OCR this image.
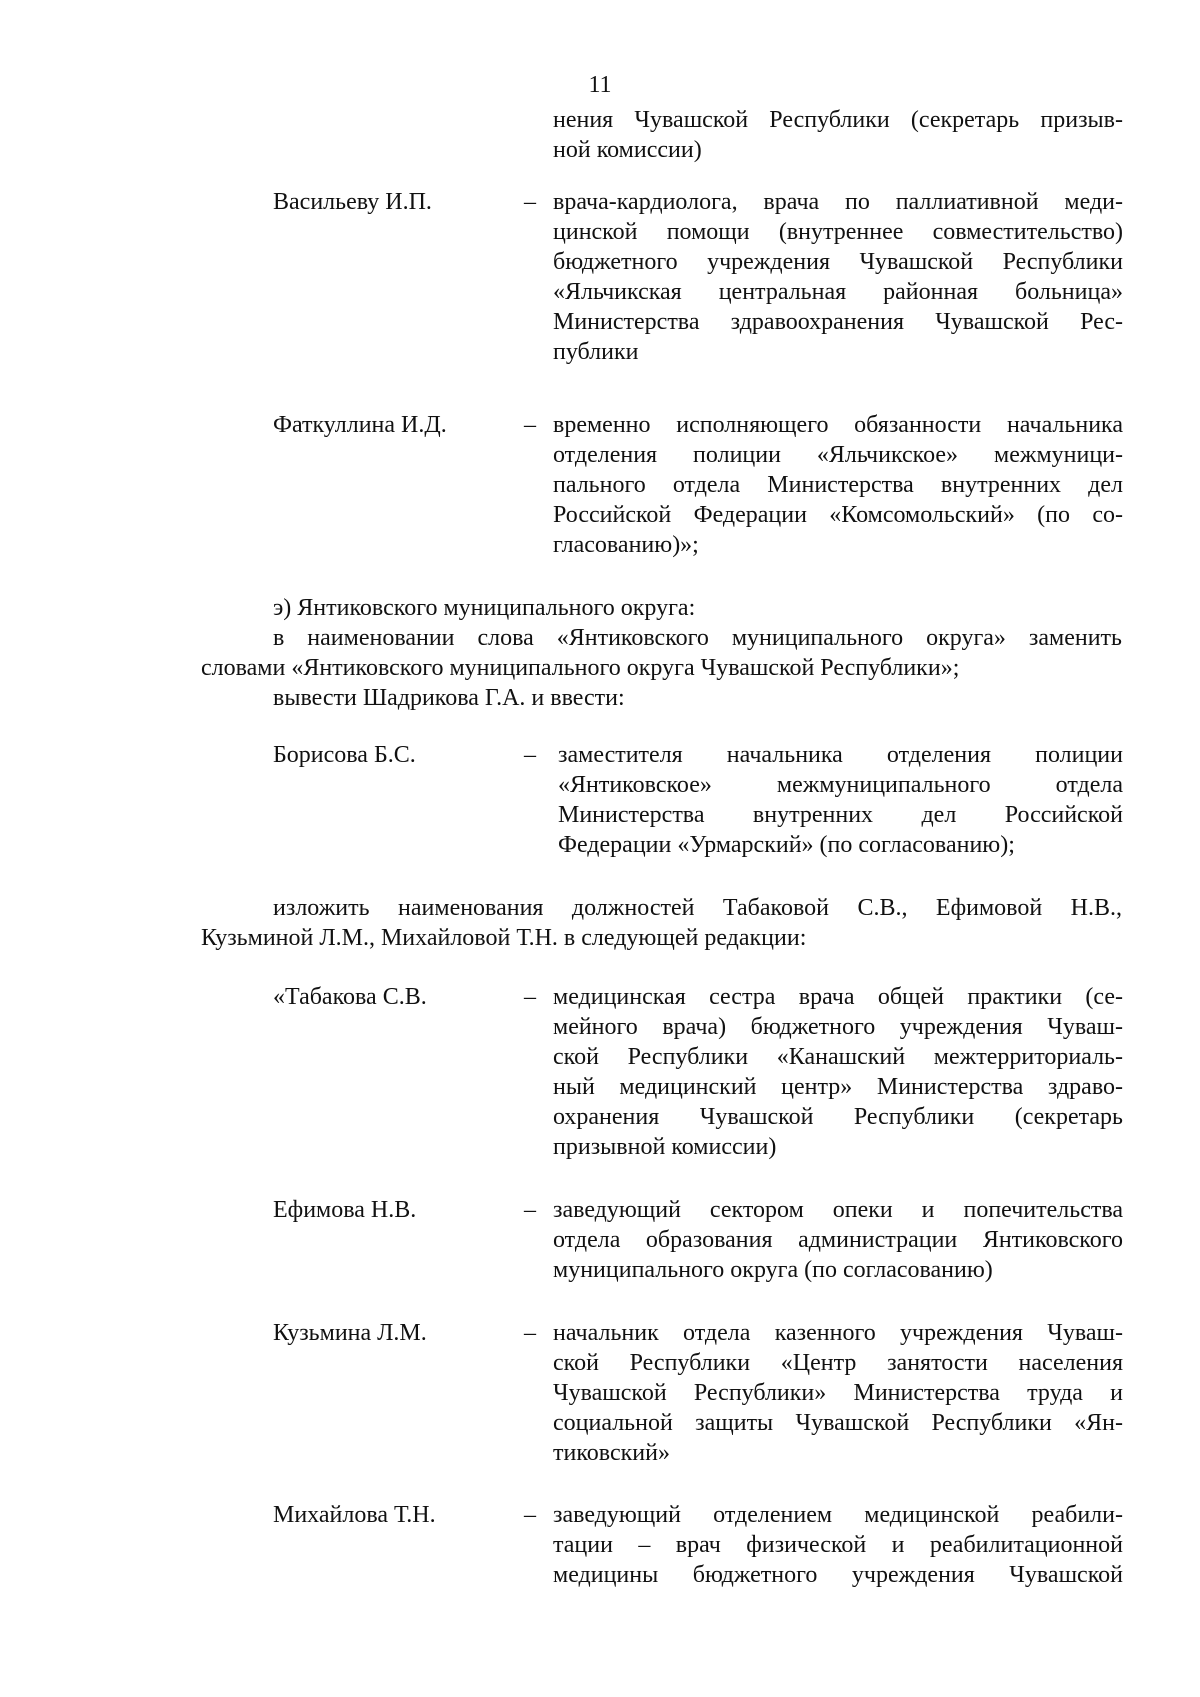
11
нения Чувашской Республики (секретарь призыв-
ной комиссии)
Васильеву И.П.	– врача-кардиолога, врача по паллиативной меди-
цинской помощи (внутреннее совместительство)
бюджетного учреждения Чувашской Республики
«Яльчикская центральная районная больница»
Министерства здравоохранения Чувашской Рес-
публики
Фаткуллина И.Д.	– временно исполняющего обязанности начальника
отделения полиции «Яльчикское» межмуници-
пального отдела Министерства внутренних дел
Российской Федерации «Комсомольский» (по со-
гласованию)»;
э) Янтиковского муниципального округа:
в наименовании слова «Янтиковского муниципального округа» заменить
словами «Янтиковского муниципального округа Чувашской Республики»;
вывести Шадрикова Г.А. и ввести:
Борисова Б.С.	– заместителя начальника отделения полиции
«Янтиковское» межмуниципального отдела
Министерства внутренних дел Российской
Федерации «Урмарский» (по согласованию);
изложить наименования должностей Табаковой С.В., Ефимовой Н.В.,
Кузьминой Л.М., Михайловой Т.Н. в следующей редакции:
«Табакова С.В.	– медицинская сестра врача общей практики (се-
мейного врача) бюджетного учреждения Чуваш-
ской Республики «Канашский межтерриториаль-
ный медицинский центр» Министерства здраво-
охранения Чувашской Республики (секретарь
призывной комиссии)
Ефимова Н.В.	– заведующий сектором опеки и попечительства
отдела образования администрации Янтиковского
муниципального округа (по согласованию)
Кузьмина Л.М.	– начальник отдела казенного учреждения Чуваш-
ской Республики «Центр занятости населения
Чувашской Республики» Министерства труда и
социальной защиты Чувашской Республики «Ян-
тиковский»
Михайлова Т.Н.	– заведующий отделением медицинской реабили-
тации – врач физической и реабилитационной
медицины бюджетного учреждения Чувашской
